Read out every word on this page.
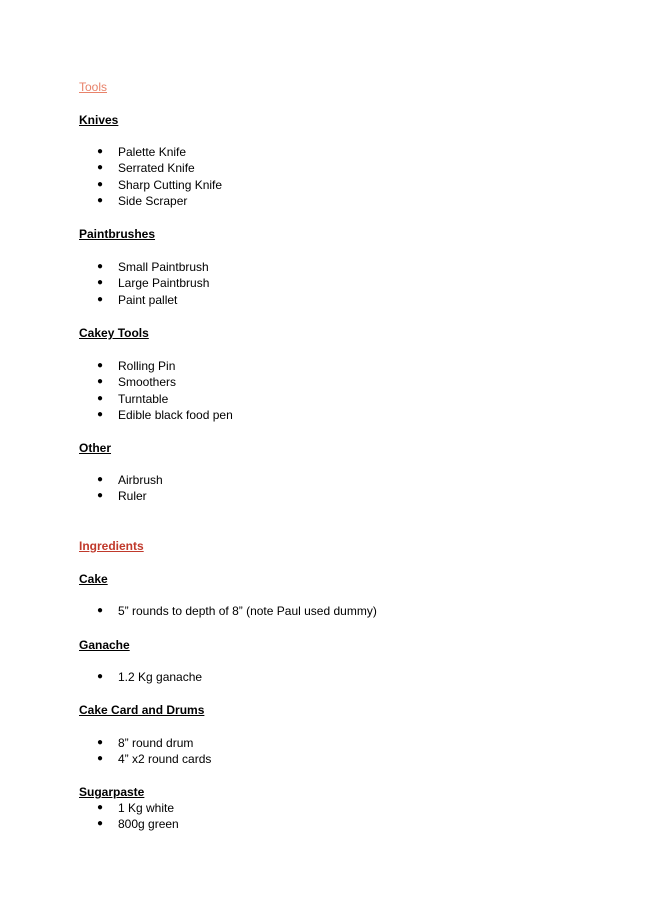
Tools

Knives

● Palette Knife
● Serrated Knife
● Sharp Cutting Knife
● Side Scraper

Paintbrushes

● Small Paintbrush
● Large Paintbrush
● Paint pallet

Cakey Tools

● Rolling Pin
● Smoothers
● Turntable
● Edible black food pen

Other

● Airbrush
● Ruler

Ingredients

Cake

● 5” rounds to depth of 8” (note Paul used dummy)

Ganache

● 1.2 Kg ganache

Cake Card and Drums

● 8” round drum
● 4” x2 round cards

Sugarpaste

● 1 Kg white
● 800g green
